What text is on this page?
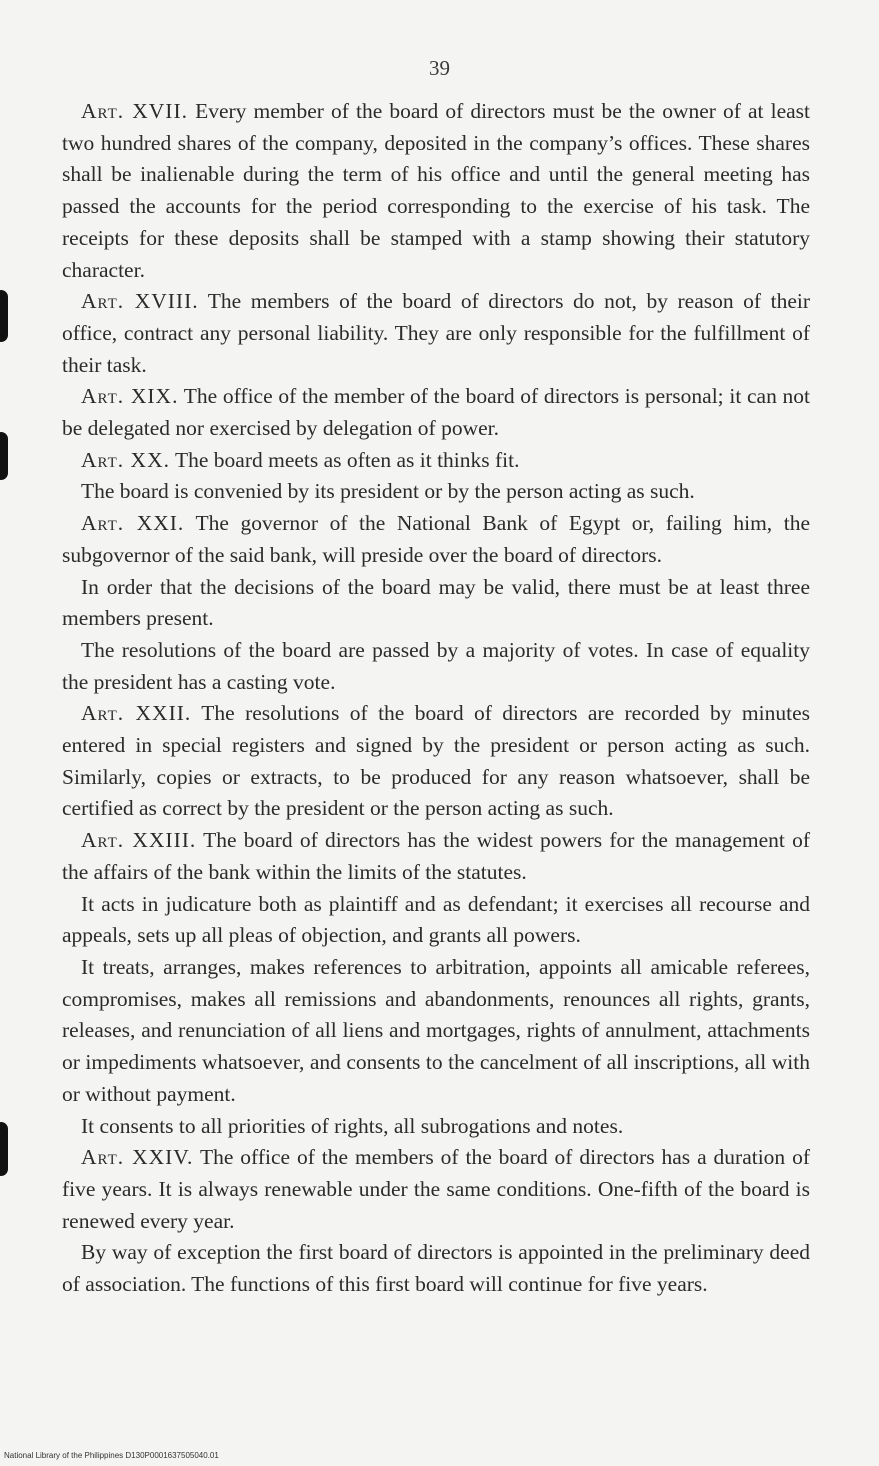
39

Art. XVII. Every member of the board of directors must be the owner of at least two hundred shares of the company, deposited in the company’s offices. These shares shall be inalienable during the term of his office and until the general meeting has passed the accounts for the period corresponding to the exercise of his task. The receipts for these deposits shall be stamped with a stamp showing their statutory character.

Art. XVIII. The members of the board of directors do not, by reason of their office, contract any personal liability. They are only responsible for the fulfillment of their task.

Art. XIX. The office of the member of the board of directors is personal; it can not be delegated nor exercised by delegation of power.

Art. XX. The board meets as often as it thinks fit.

The board is convenied by its president or by the person acting as such.

Art. XXI. The governor of the National Bank of Egypt or, failing him, the subgovernor of the said bank, will preside over the board of directors.

In order that the decisions of the board may be valid, there must be at least three members present.

The resolutions of the board are passed by a majority of votes. In case of equality the president has a casting vote.

Art. XXII. The resolutions of the board of directors are recorded by minutes entered in special registers and signed by the president or person acting as such. Similarly, copies or extracts, to be produced for any reason whatsoever, shall be certified as correct by the president or the person acting as such.

Art. XXIII. The board of directors has the widest powers for the management of the affairs of the bank within the limits of the statutes.

It acts in judicature both as plaintiff and as defendant; it exercises all recourse and appeals, sets up all pleas of objection, and grants all powers.

It treats, arranges, makes references to arbitration, appoints all amicable referees, compromises, makes all remissions and abandonments, renounces all rights, grants, releases, and renunciation of all liens and mortgages, rights of annulment, attachments or impediments whatsoever, and consents to the cancelment of all inscriptions, all with or without payment.

It consents to all priorities of rights, all subrogations and notes.

Art. XXIV. The office of the members of the board of directors has a duration of five years. It is always renewable under the same conditions. One-fifth of the board is renewed every year.

By way of exception the first board of directors is appointed in the preliminary deed of association. The functions of this first board will continue for five years.

National Library of the Philippines D130P0001637505040.01
